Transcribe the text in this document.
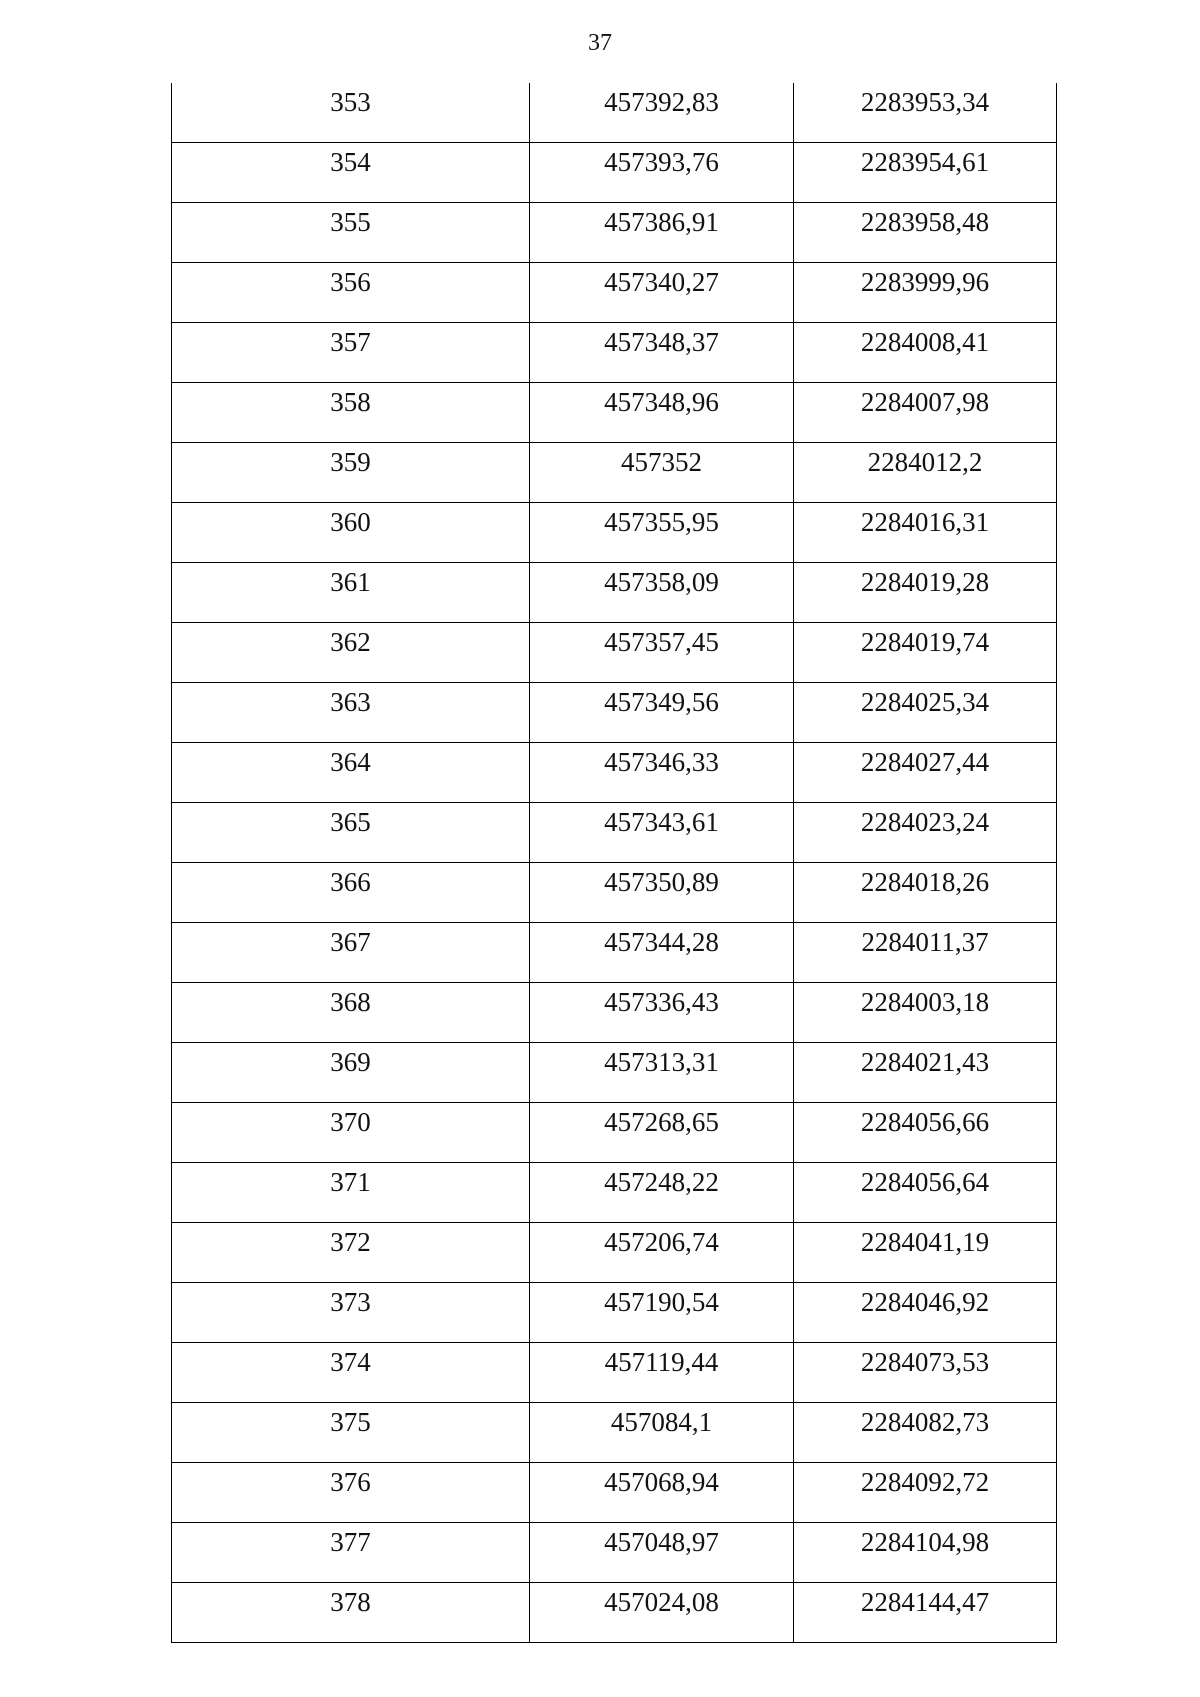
37
353	457392,83	2283953,34
354	457393,76	2283954,61
355	457386,91	2283958,48
356	457340,27	2283999,96
357	457348,37	2284008,41
358	457348,96	2284007,98
359	457352	2284012,2
360	457355,95	2284016,31
361	457358,09	2284019,28
362	457357,45	2284019,74
363	457349,56	2284025,34
364	457346,33	2284027,44
365	457343,61	2284023,24
366	457350,89	2284018,26
367	457344,28	2284011,37
368	457336,43	2284003,18
369	457313,31	2284021,43
370	457268,65	2284056,66
371	457248,22	2284056,64
372	457206,74	2284041,19
373	457190,54	2284046,92
374	457119,44	2284073,53
375	457084,1	2284082,73
376	457068,94	2284092,72
377	457048,97	2284104,98
378	457024,08	2284144,47
